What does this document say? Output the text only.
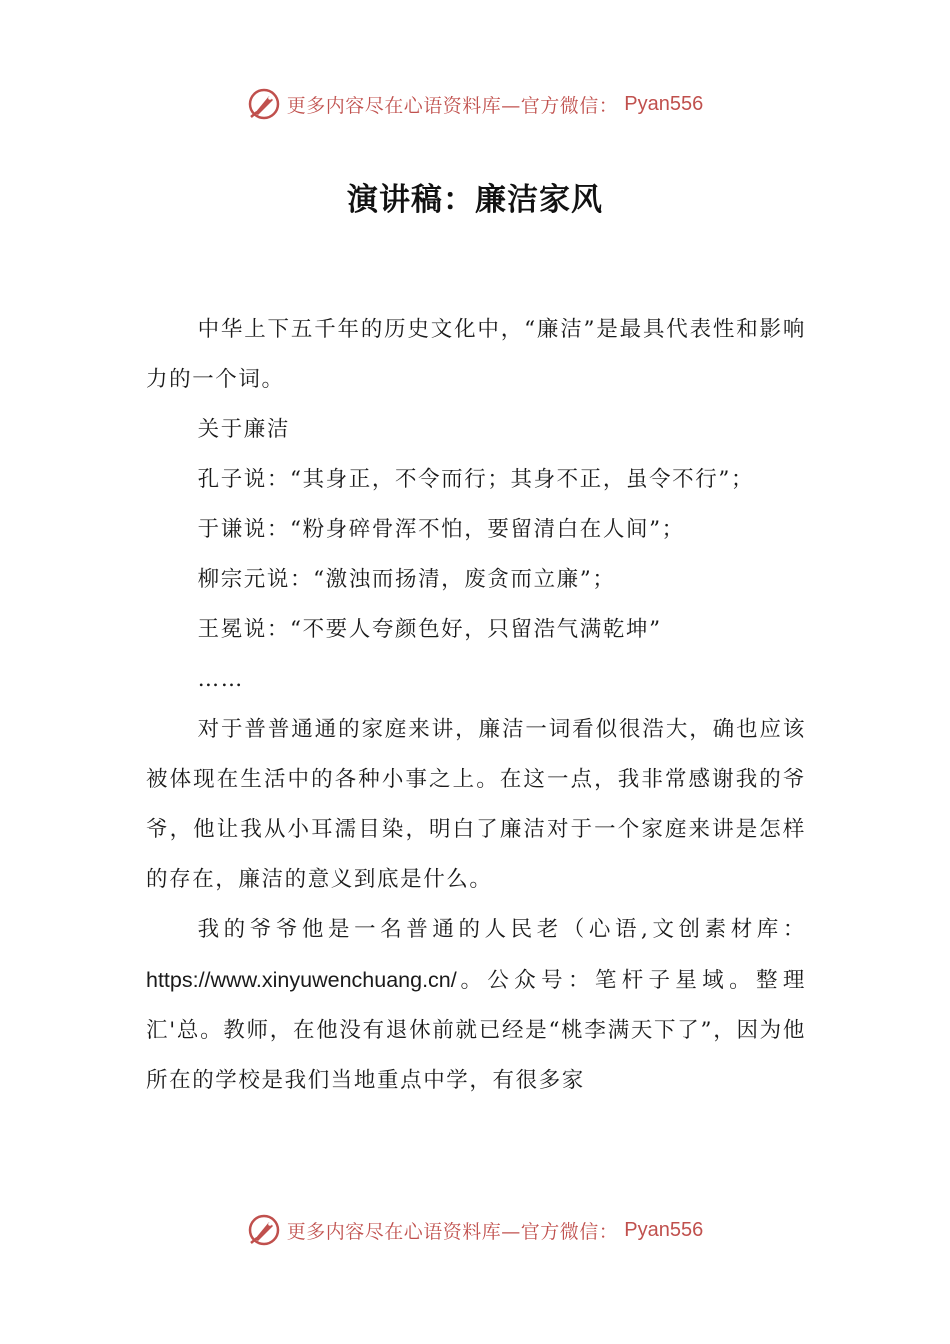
更多内容尽在心语资料库—官方微信： Pyan556
演讲稿：廉洁家风

中华上下五千年的历史文化中，“廉洁”是最具代表性和影响力的一个词。

关于廉洁

孔子说：“其身正，不令而行；其身不正，虽令不行”；

于谦说：“粉身碎骨浑不怕，要留清白在人间”；

柳宗元说：“激浊而扬清，废贪而立廉”；

王冕说：“不要人夸颜色好，只留浩气满乾坤”

……

对于普普通通的家庭来讲，廉洁一词看似很浩大，确也应该被体现在生活中的各种小事之上。在这一点，我非常感谢我的爷爷，他让我从小耳濡目染，明白了廉洁对于一个家庭来讲是怎样的存在，廉洁的意义到底是什么。

我的爷爷他是一名普通的人民老（心语,文创素材库：https://www.xinyuwenchuang.cn/。公众号：笔杆子星域。整理汇'总。教师，在他没有退休前就已经是“桃李满天下了”，因为他所在的学校是我们当地重点中学，有很多家

更多内容尽在心语资料库—官方微信： Pyan556
